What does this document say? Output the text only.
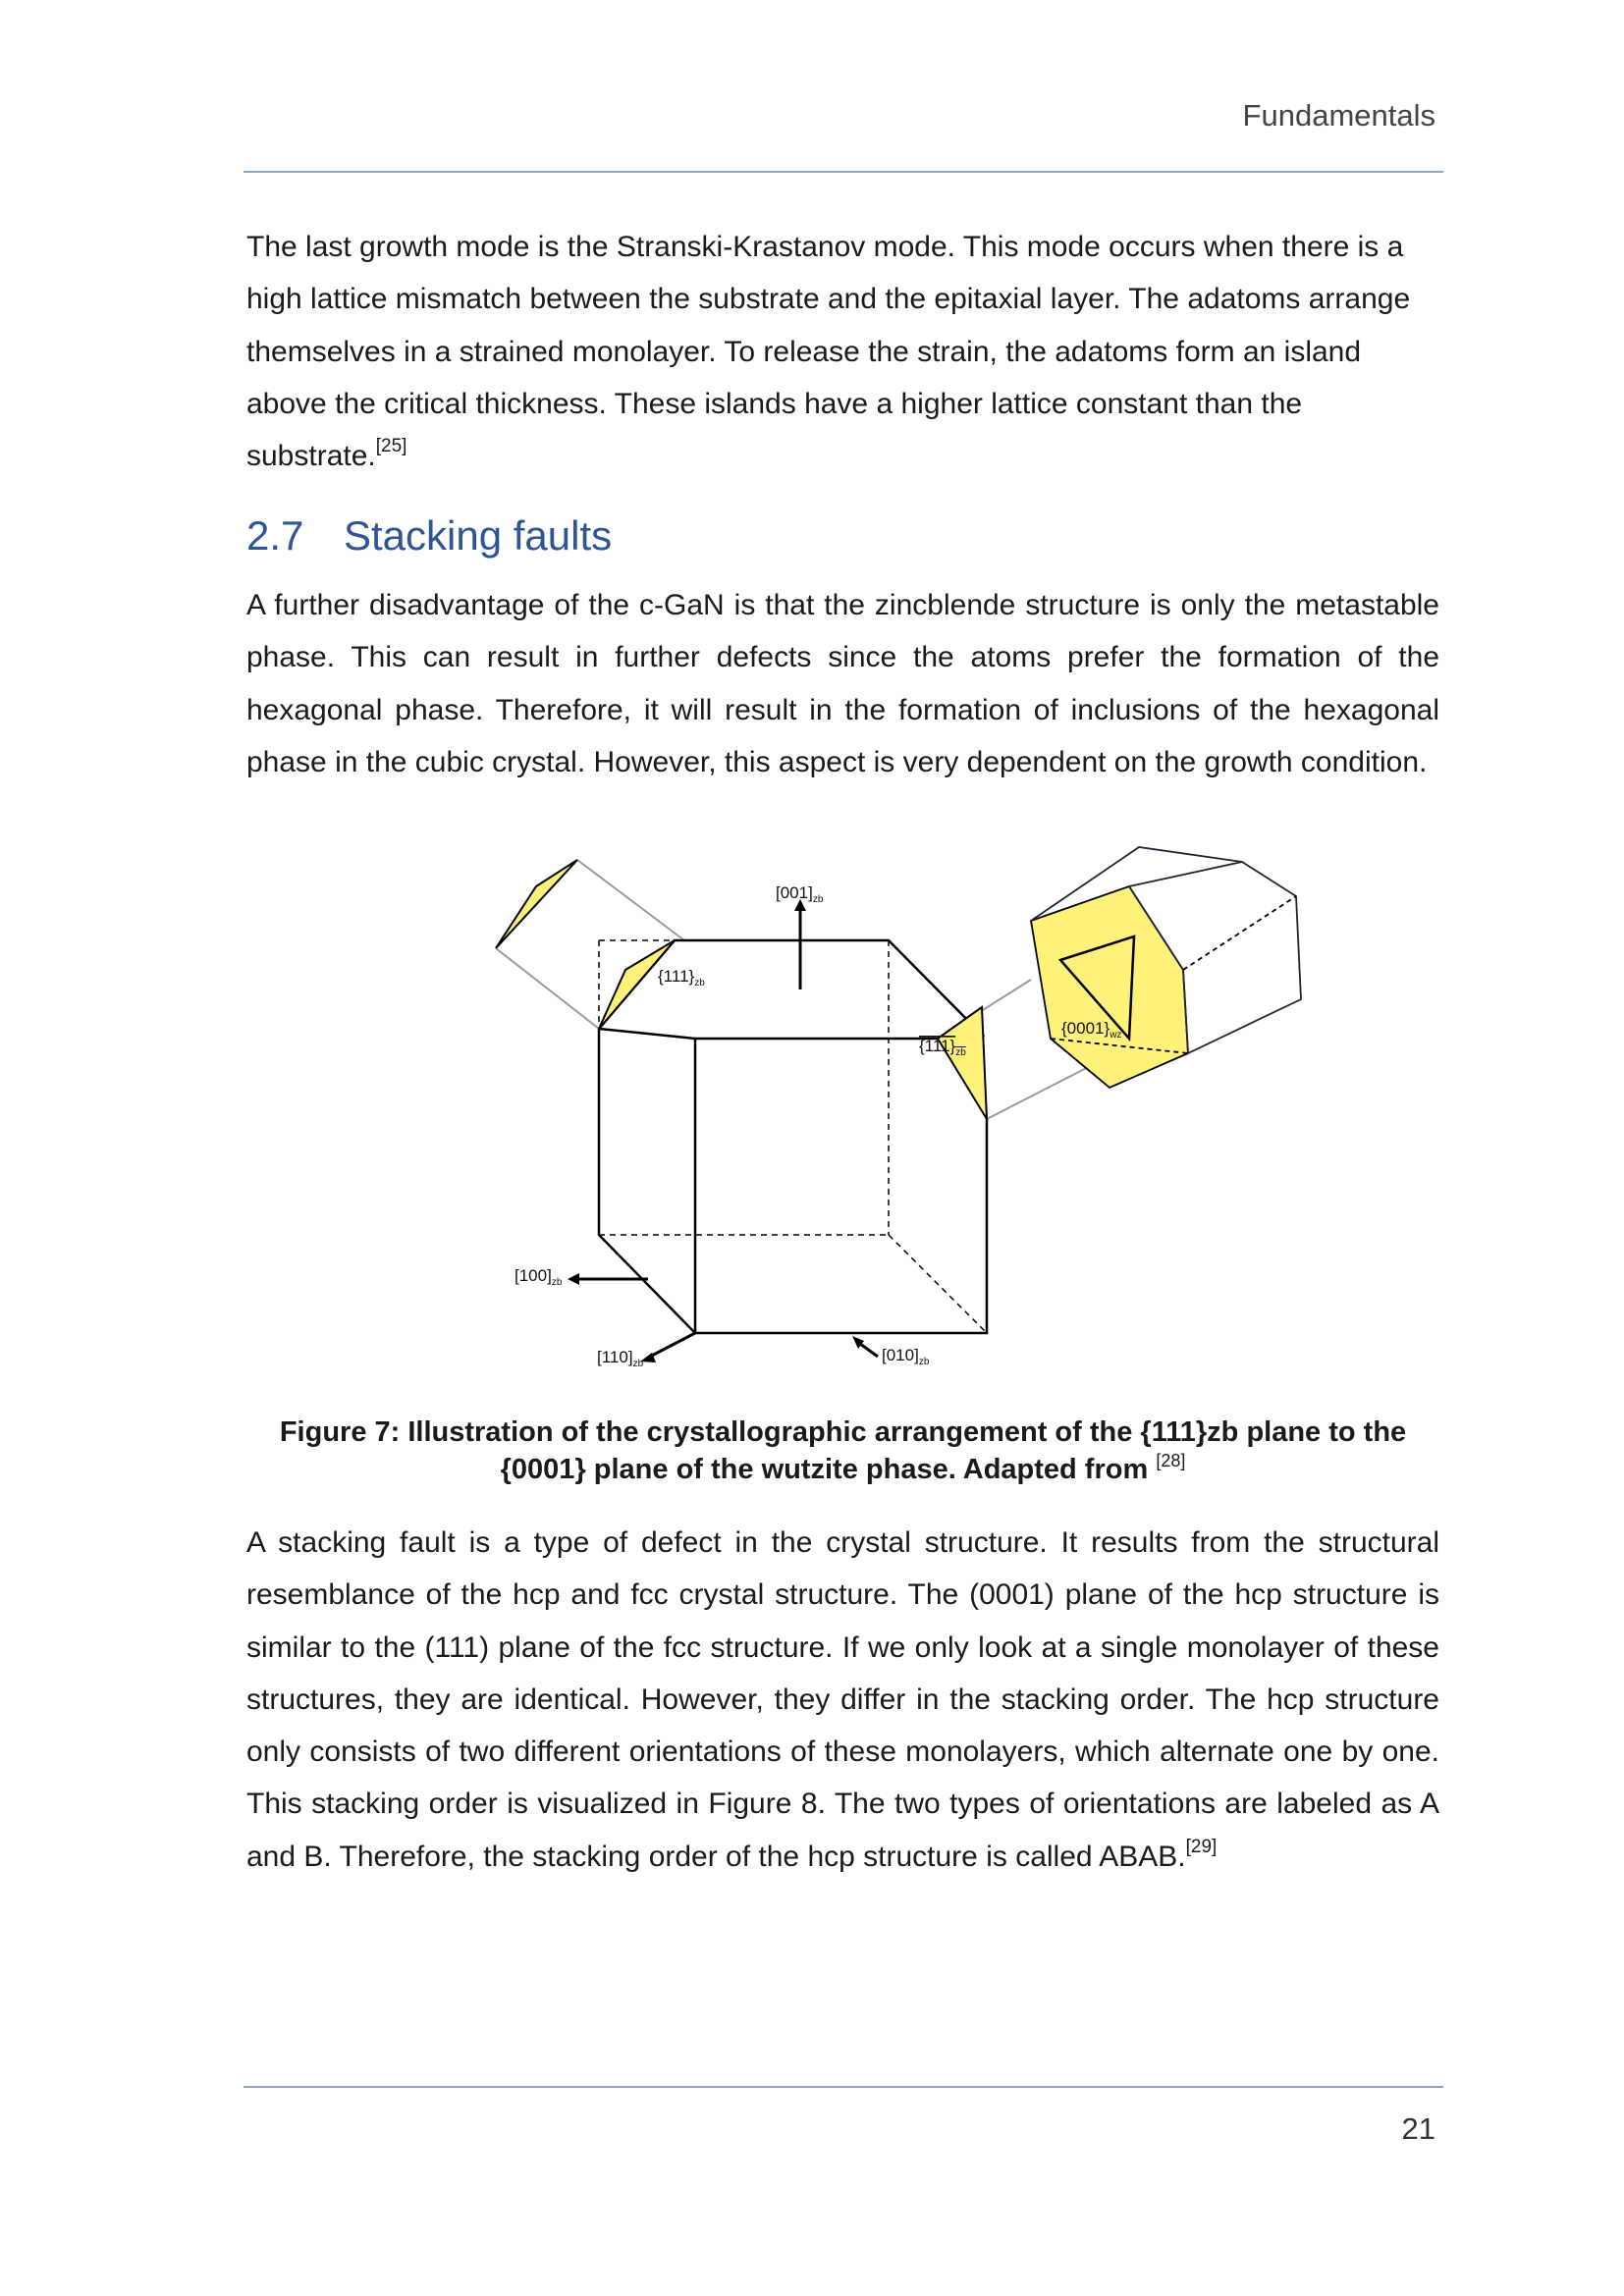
Fundamentals

The last growth mode is the Stranski-Krastanov mode. This mode occurs when there is a high lattice mismatch between the substrate and the epitaxial layer. The adatoms arrange themselves in a strained monolayer. To release the strain, the adatoms form an island above the critical thickness. These islands have a higher lattice constant than the substrate.[25]

2.7 Stacking faults

A further disadvantage of the c-GaN is that the zincblende structure is only the metastable phase. This can result in further defects since the atoms prefer the formation of the hexagonal phase. Therefore, it will result in the formation of inclusions of the hexagonal phase in the cubic crystal. However, this aspect is very dependent on the growth condition.

$[001]_{zb}$
$\{111\}_{zb}$
$\{111\}_{zb}$
$\{0001\}_{wz}$
$[100]_{zb}$
$[110]_{zb}$	$[010]_{zb}$
Figure 7: Illustration of the crystallographic arrangement of the {111}zb plane to the {0001} plane of the wutzite phase. Adapted from [28]

A stacking fault is a type of defect in the crystal structure. It results from the structural resemblance of the hcp and fcc crystal structure. The (0001) plane of the hcp structure is similar to the (111) plane of the fcc structure. If we only look at a single monolayer of these structures, they are identical. However, they differ in the stacking order. The hcp structure only consists of two different orientations of these monolayers, which alternate one by one. This stacking order is visualized in Figure 8. The two types of orientations are labeled as A and B. Therefore, the stacking order of the hcp structure is called ABAB.[29]

21
